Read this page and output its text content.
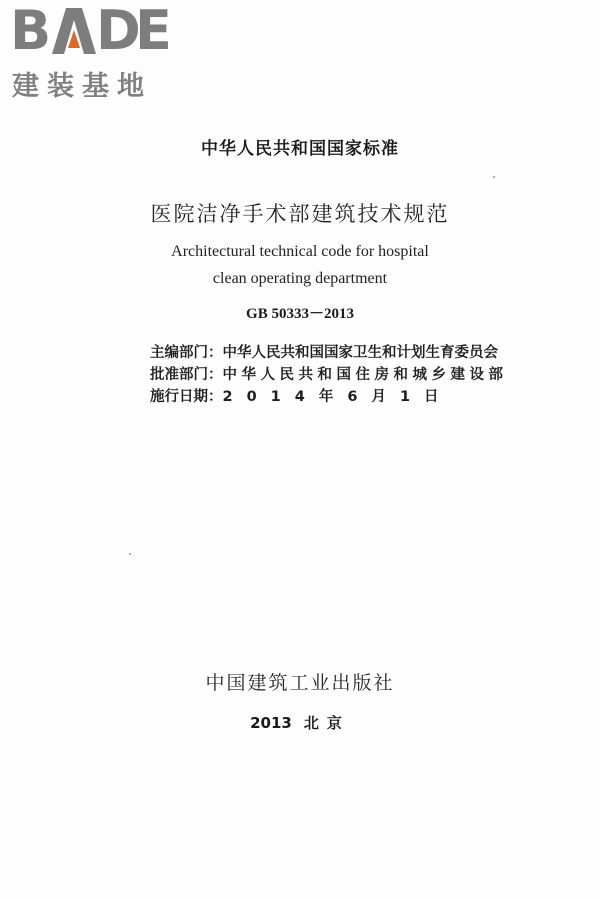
B D
E
建装基地
中华人民共和国国家标准
医院洁净手术部建筑技术规范
Architectural technical code for hospital
clean operating department
GB 50333－2013
主编部门：中华人民共和国国家卫生和计划生育委员会
批准部门：中华人民共和国住房和城乡建设部
施行日期：2014年6月1日
中国建筑工业出版社
2013 北京
